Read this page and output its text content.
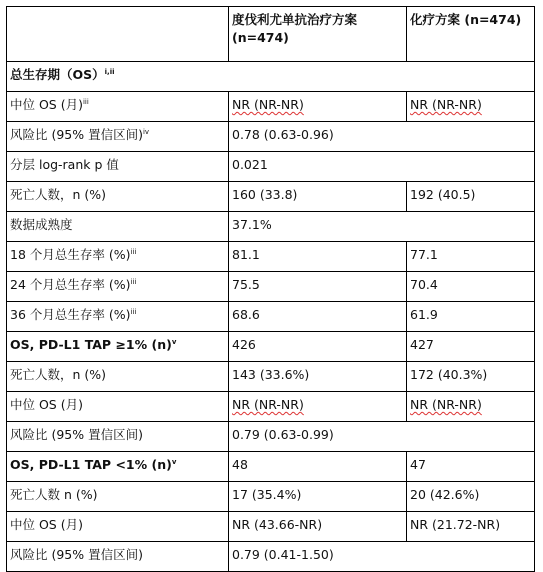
	度伐利尤单抗治疗方案 (n=474)	化疗方案 (n=474)
总生存期（OS）$^{i,ii}$
中位 OS (月)$^{iii}$	NR (NR-NR)	NR (NR-NR)
风险比 (95% 置信区间)$^{iv}$	0.78 (0.63-0.96)	
分层 log-rank p 值	0.021	
死亡人数，n (%)	160 (33.8)	192 (40.5)
数据成熟度	37.1%	
18 个月总生存率 (%)$^{iii}$	81.1	77.1
24 个月总生存率 (%)$^{iii}$	75.5	70.4
36 个月总生存率 (%)$^{iii}$	68.6	61.9
OS, PD-L1 TAP ≥1% $(n)^v$	426	427
死亡人数，n (%)	143 (33.6%)	172 (40.3%)
中位 OS (月)	NR (NR-NR)	NR (NR-NR)
风险比 (95% 置信区间)	0.79 (0.63-0.99)	
OS, PD-L1 TAP <1% $(n)^v$	48	47
死亡人数 n (%)	17 (35.4%)	20 (42.6%)
中位 OS (月)	NR (43.66-NR)	NR (21.72-NR)
风险比 (95% 置信区间)	0.79 (0.41-1.50)	
